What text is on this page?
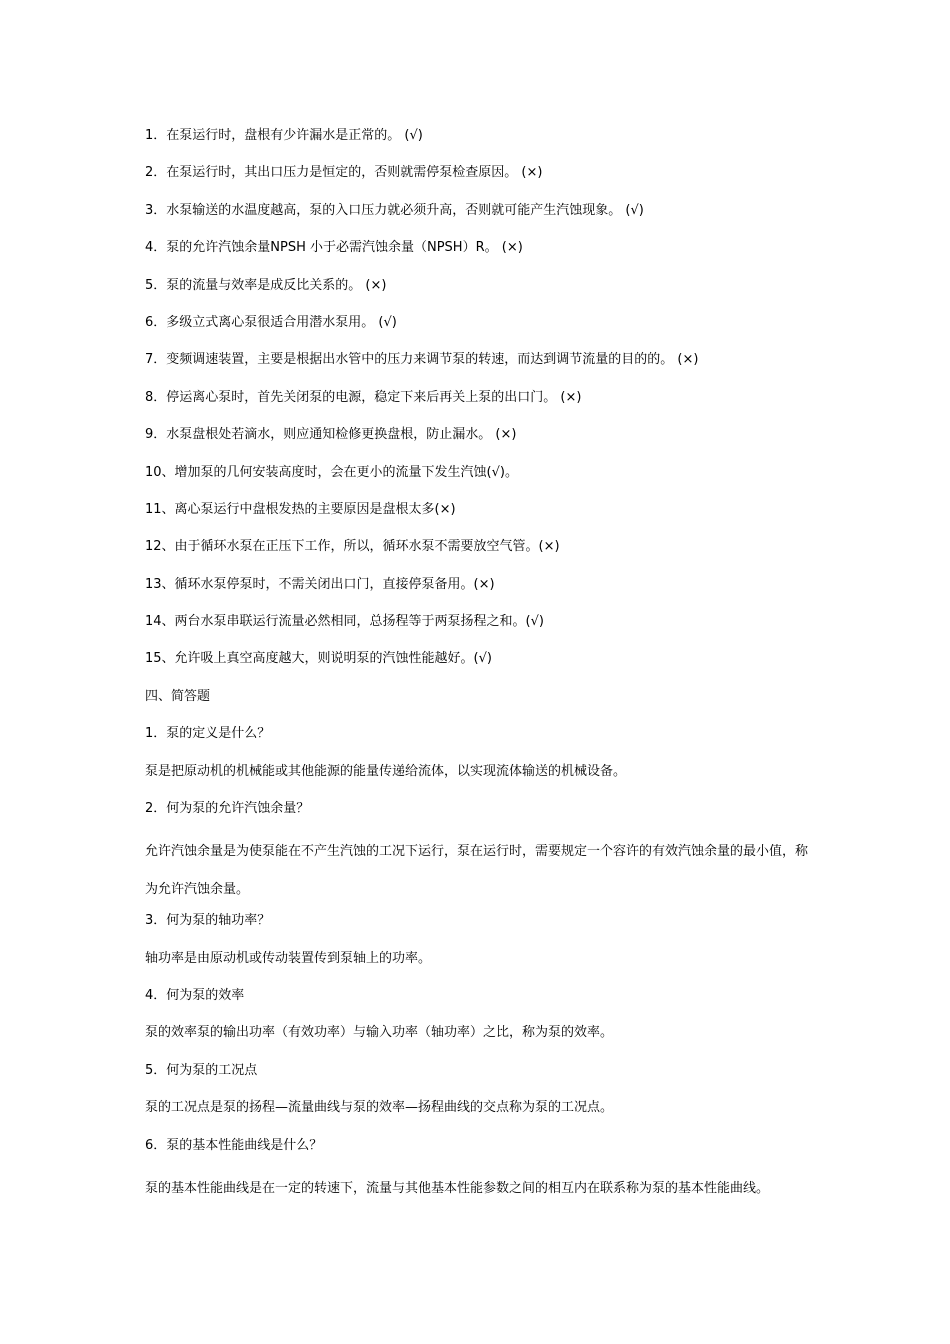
1．在泵运行时，盘根有少许漏水是正常的。 (√)
2．在泵运行时，其出口压力是恒定的，否则就需停泵检查原因。 (×)
3．水泵输送的水温度越高，泵的入口压力就必须升高，否则就可能产生汽蚀现象。 (√)
4．泵的允许汽蚀余量NPSH 小于必需汽蚀余量（NPSH）R。 (×)
5．泵的流量与效率是成反比关系的。 (×)
6．多级立式离心泵很适合用潜水泵用。 (√)
7．变频调速装置，主要是根据出水管中的压力来调节泵的转速，而达到调节流量的目的的。 (×)
8．停运离心泵时，首先关闭泵的电源，稳定下来后再关上泵的出口门。 (×)
9．水泵盘根处若滴水，则应通知检修更换盘根，防止漏水。 (×)
10、增加泵的几何安装高度时，会在更小的流量下发生汽蚀(√)。
11、离心泵运行中盘根发热的主要原因是盘根太多(×)
12、由于循环水泵在正压下工作，所以，循环水泵不需要放空气管。(×)
13、循环水泵停泵时，不需关闭出口门，直接停泵备用。(×)
14、两台水泵串联运行流量必然相同，总扬程等于两泵扬程之和。(√)
15、允许吸上真空高度越大，则说明泵的汽蚀性能越好。(√)
四、简答题
1．泵的定义是什么？
泵是把原动机的机械能或其他能源的能量传递给流体，以实现流体输送的机械设备。
2．何为泵的允许汽蚀余量？
允许汽蚀余量是为使泵能在不产生汽蚀的工况下运行，泵在运行时，需要规定一个容许的有效汽蚀余量的最小值，称为允许汽蚀余量。
3．何为泵的轴功率？
轴功率是由原动机或传动装置传到泵轴上的功率。
4．何为泵的效率
泵的效率泵的输出功率（有效功率）与输入功率（轴功率）之比，称为泵的效率。
5．何为泵的工况点
泵的工况点是泵的扬程—流量曲线与泵的效率—扬程曲线的交点称为泵的工况点。
6．泵的基本性能曲线是什么？
泵的基本性能曲线是在一定的转速下，流量与其他基本性能参数之间的相互内在联系称为泵的基本性能曲线。
